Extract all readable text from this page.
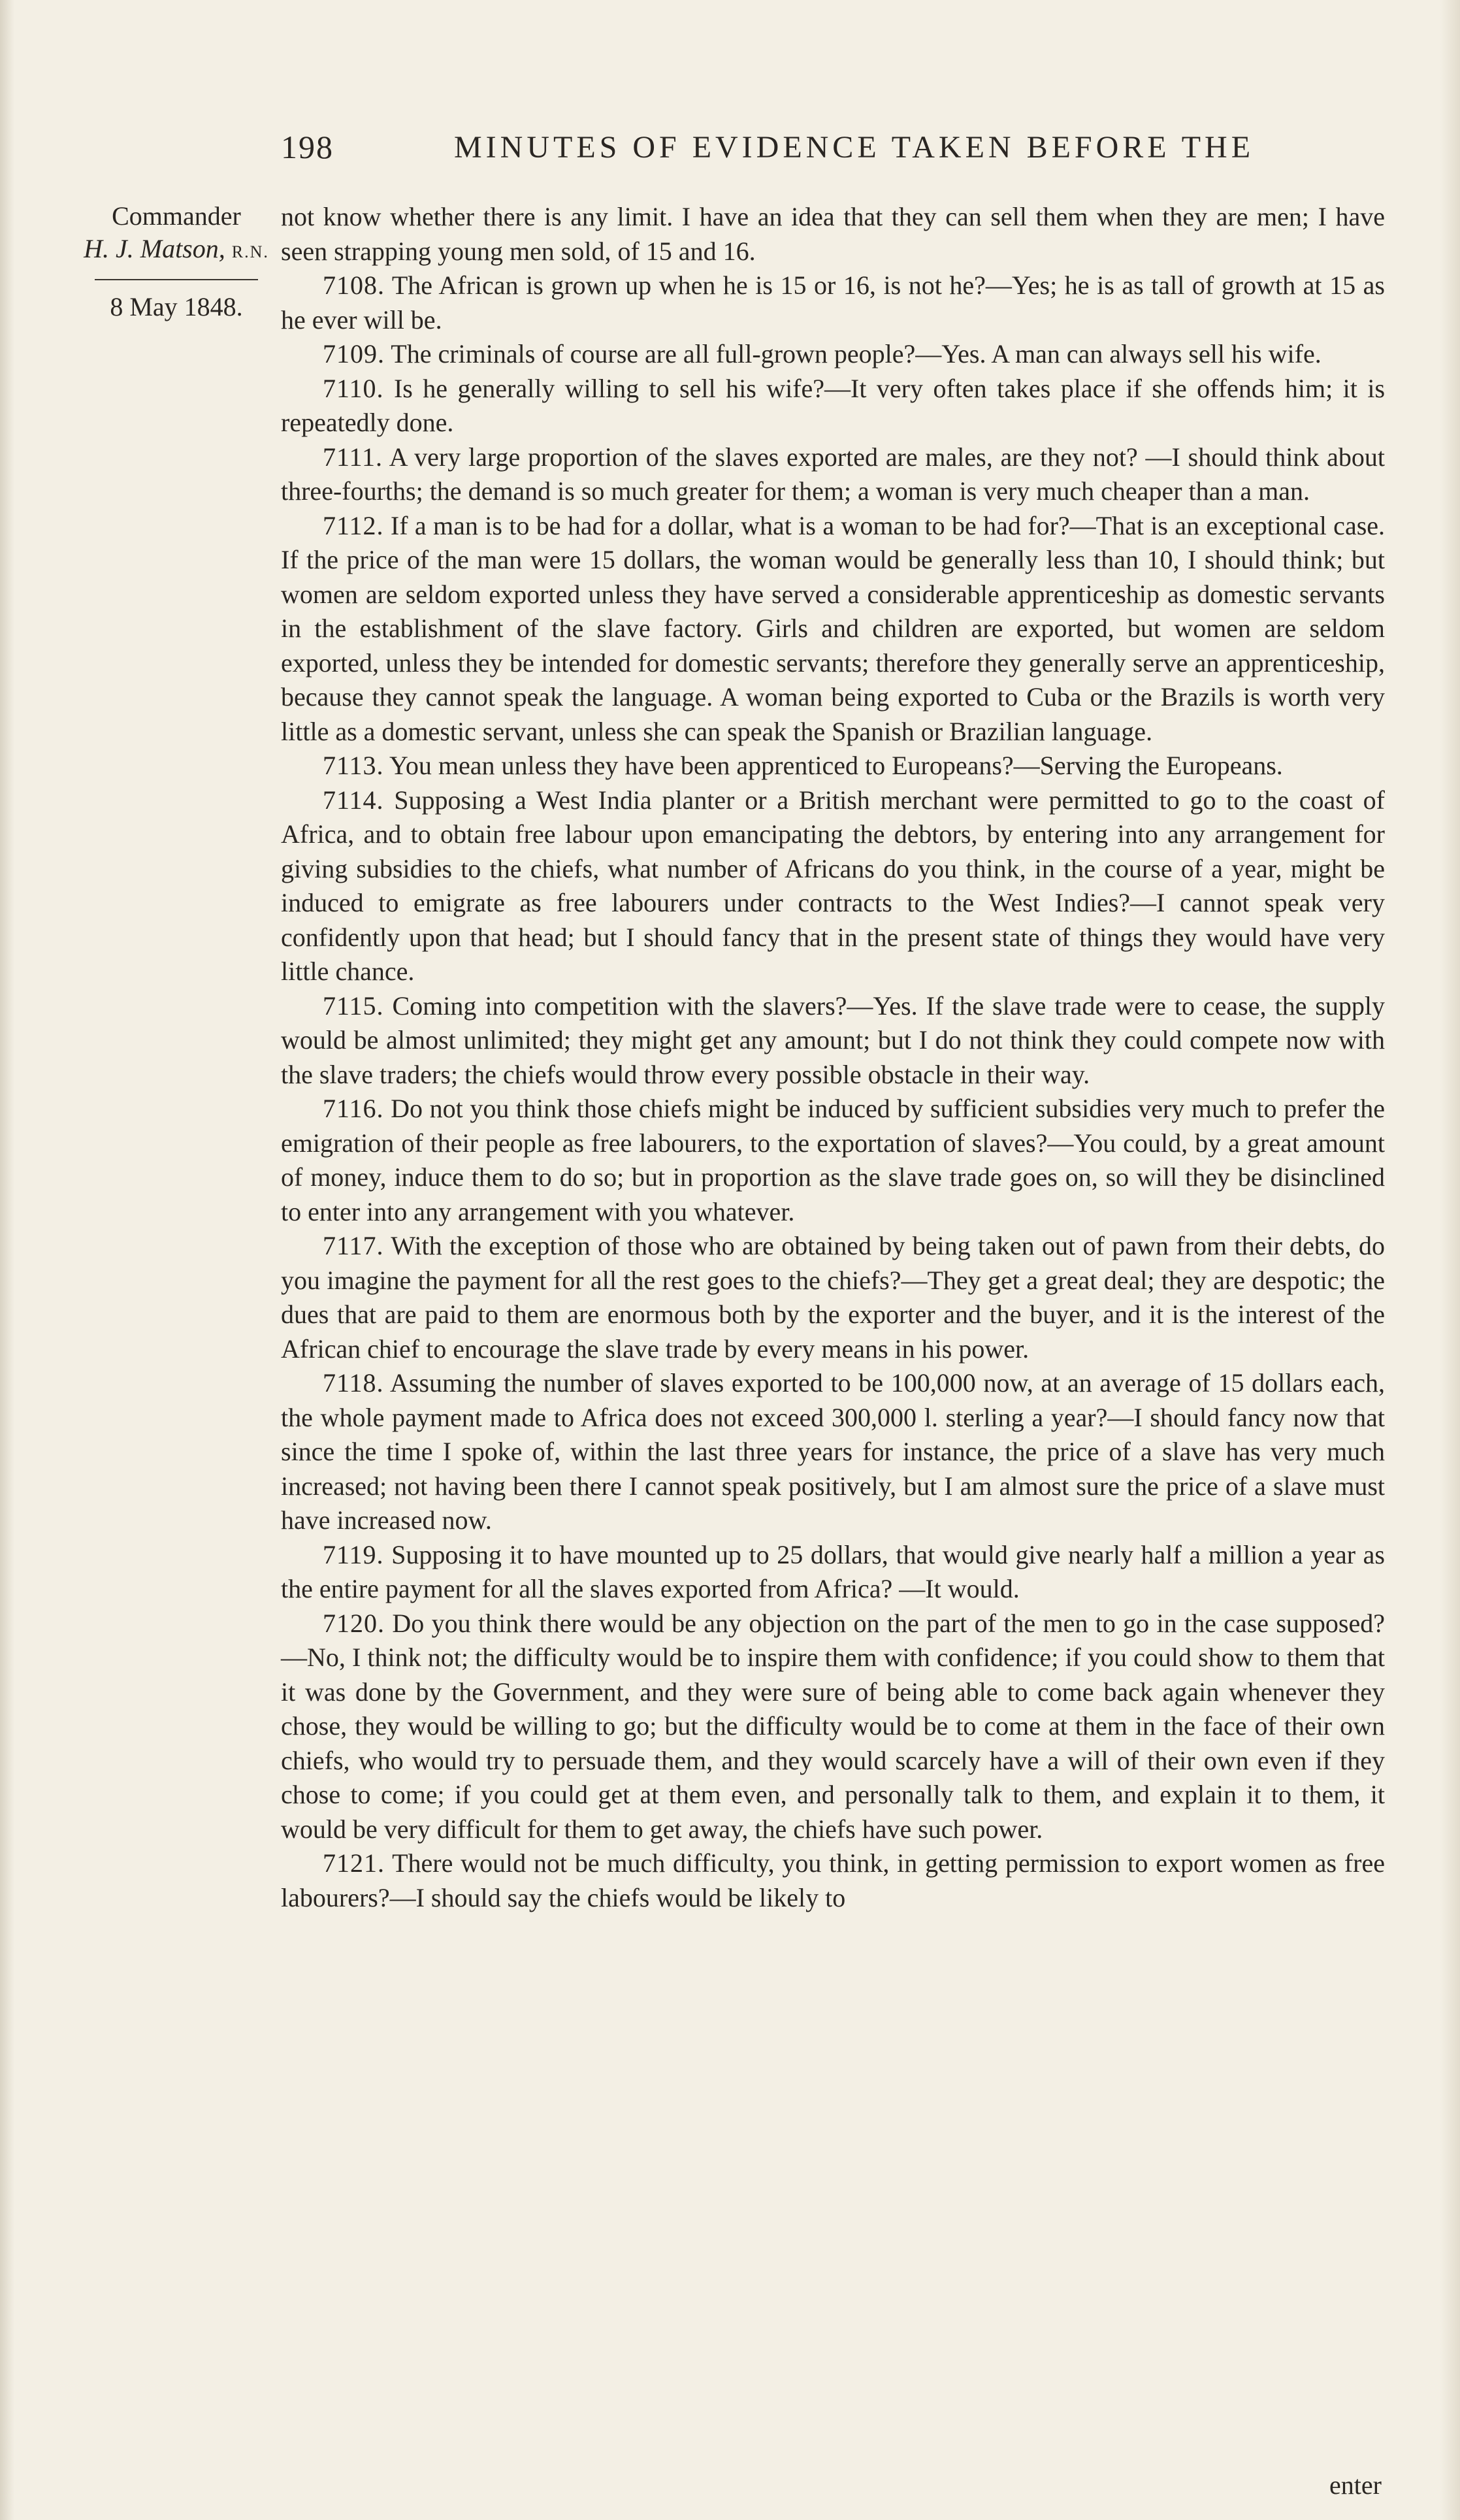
198	MINUTES OF EVIDENCE TAKEN BEFORE THE
Commander
H. J. Matson, R.N.
8 May 1848.

not know whether there is any limit. I have an idea that they can sell them when they are men; I have seen strapping young men sold, of 15 and 16.

7108. The African is grown up when he is 15 or 16, is not he?—Yes; he is as tall of growth at 15 as he ever will be.

7109. The criminals of course are all full-grown people?—Yes. A man can always sell his wife.

7110. Is he generally willing to sell his wife?—It very often takes place if she offends him; it is repeatedly done.

7111. A very large proportion of the slaves exported are males, are they not? —I should think about three-fourths; the demand is so much greater for them; a woman is very much cheaper than a man.

7112. If a man is to be had for a dollar, what is a woman to be had for?—That is an exceptional case. If the price of the man were 15 dollars, the woman would be generally less than 10, I should think; but women are seldom exported unless they have served a considerable apprenticeship as domestic servants in the establishment of the slave factory. Girls and children are exported, but women are seldom exported, unless they be intended for domestic servants; therefore they generally serve an apprenticeship, because they cannot speak the language. A woman being exported to Cuba or the Brazils is worth very little as a domestic servant, unless she can speak the Spanish or Brazilian language.

7113. You mean unless they have been apprenticed to Europeans?—Serving the Europeans.

7114. Supposing a West India planter or a British merchant were permitted to go to the coast of Africa, and to obtain free labour upon emancipating the debtors, by entering into any arrangement for giving subsidies to the chiefs, what number of Africans do you think, in the course of a year, might be induced to emigrate as free labourers under contracts to the West Indies?—I cannot speak very confidently upon that head; but I should fancy that in the present state of things they would have very little chance.

7115. Coming into competition with the slavers?—Yes. If the slave trade were to cease, the supply would be almost unlimited; they might get any amount; but I do not think they could compete now with the slave traders; the chiefs would throw every possible obstacle in their way.

7116. Do not you think those chiefs might be induced by sufficient subsidies very much to prefer the emigration of their people as free labourers, to the exportation of slaves?—You could, by a great amount of money, induce them to do so; but in proportion as the slave trade goes on, so will they be disinclined to enter into any arrangement with you whatever.

7117. With the exception of those who are obtained by being taken out of pawn from their debts, do you imagine the payment for all the rest goes to the chiefs?—They get a great deal; they are despotic; the dues that are paid to them are enormous both by the exporter and the buyer, and it is the interest of the African chief to encourage the slave trade by every means in his power.

7118. Assuming the number of slaves exported to be 100,000 now, at an average of 15 dollars each, the whole payment made to Africa does not exceed 300,000 l. sterling a year?—I should fancy now that since the time I spoke of, within the last three years for instance, the price of a slave has very much increased; not having been there I cannot speak positively, but I am almost sure the price of a slave must have increased now.

7119. Supposing it to have mounted up to 25 dollars, that would give nearly half a million a year as the entire payment for all the slaves exported from Africa? —It would.

7120. Do you think there would be any objection on the part of the men to go in the case supposed?—No, I think not; the difficulty would be to inspire them with confidence; if you could show to them that it was done by the Government, and they were sure of being able to come back again whenever they chose, they would be willing to go; but the difficulty would be to come at them in the face of their own chiefs, who would try to persuade them, and they would scarcely have a will of their own even if they chose to come; if you could get at them even, and personally talk to them, and explain it to them, it would be very difficult for them to get away, the chiefs have such power.

7121. There would not be much difficulty, you think, in getting permission to export women as free labourers?—I should say the chiefs would be likely to

enter
